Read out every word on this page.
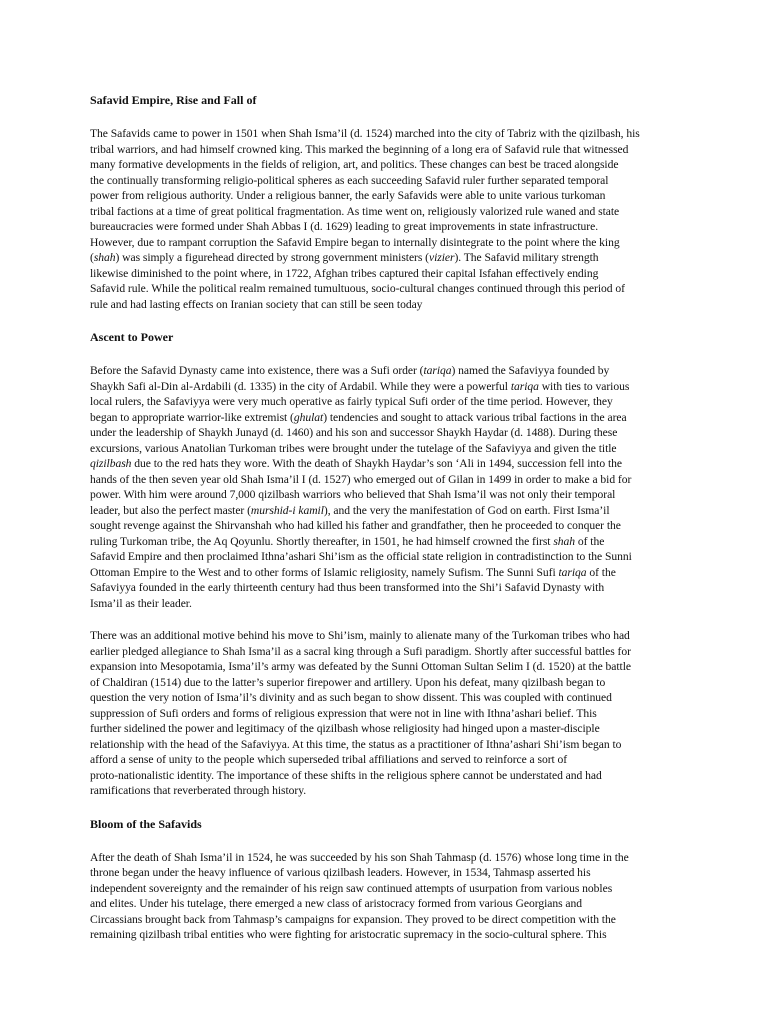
Safavid Empire, Rise and Fall of

The Safavids came to power in 1501 when Shah Isma’il (d. 1524) marched into the city of Tabriz with the qizilbash, his
tribal warriors, and had himself crowned king. This marked the beginning of a long era of Safavid rule that witnessed
many formative developments in the fields of religion, art, and politics. These changes can best be traced alongside
the continually transforming religio-political spheres as each succeeding Safavid ruler further separated temporal
power from religious authority. Under a religious banner, the early Safavids were able to unite various turkoman
tribal factions at a time of great political fragmentation. As time went on, religiously valorized rule waned and state
bureaucracies were formed under Shah Abbas I (d. 1629) leading to great improvements in state infrastructure.
However, due to rampant corruption the Safavid Empire began to internally disintegrate to the point where the king
(shah) was simply a figurehead directed by strong government ministers (vizier). The Safavid military strength
likewise diminished to the point where, in 1722, Afghan tribes captured their capital Isfahan effectively ending
Safavid rule. While the political realm remained tumultuous, socio-cultural changes continued through this period of
rule and had lasting effects on Iranian society that can still be seen today

Ascent to Power

Before the Safavid Dynasty came into existence, there was a Sufi order (tariqa) named the Safaviyya founded by
Shaykh Safi al-Din al-Ardabili (d. 1335) in the city of Ardabil. While they were a powerful tariqa with ties to various
local rulers, the Safaviyya were very much operative as fairly typical Sufi order of the time period. However, they
began to appropriate warrior-like extremist (ghulat) tendencies and sought to attack various tribal factions in the area
under the leadership of Shaykh Junayd (d. 1460) and his son and successor Shaykh Haydar (d. 1488). During these
excursions, various Anatolian Turkoman tribes were brought under the tutelage of the Safaviyya and given the title
qizilbash due to the red hats they wore. With the death of Shaykh Haydar’s son ‘Ali in 1494, succession fell into the
hands of the then seven year old Shah Isma’il I (d. 1527) who emerged out of Gilan in 1499 in order to make a bid for
power. With him were around 7,000 qizilbash warriors who believed that Shah Isma’il was not only their temporal
leader, but also the perfect master (murshid-i kamil), and the very the manifestation of God on earth. First Isma’il
sought revenge against the Shirvanshah who had killed his father and grandfather, then he proceeded to conquer the
ruling Turkoman tribe, the Aq Qoyunlu. Shortly thereafter, in 1501, he had himself crowned the first shah of the
Safavid Empire and then proclaimed Ithna’ashari Shi’ism as the official state religion in contradistinction to the Sunni
Ottoman Empire to the West and to other forms of Islamic religiosity, namely Sufism. The Sunni Sufi tariqa of the
Safaviyya founded in the early thirteenth century had thus been transformed into the Shi’i Safavid Dynasty with
Isma’il as their leader.

There was an additional motive behind his move to Shi’ism, mainly to alienate many of the Turkoman tribes who had
earlier pledged allegiance to Shah Isma’il as a sacral king through a Sufi paradigm. Shortly after successful battles for
expansion into Mesopotamia, Isma’il’s army was defeated by the Sunni Ottoman Sultan Selim I (d. 1520) at the battle
of Chaldiran (1514) due to the latter’s superior firepower and artillery. Upon his defeat, many qizilbash began to
question the very notion of Isma’il’s divinity and as such began to show dissent. This was coupled with continued
suppression of Sufi orders and forms of religious expression that were not in line with Ithna’ashari belief. This
further sidelined the power and legitimacy of the qizilbash whose religiosity had hinged upon a master-disciple
relationship with the head of the Safaviyya. At this time, the status as a practitioner of Ithna’ashari Shi’ism began to
afford a sense of unity to the people which superseded tribal affiliations and served to reinforce a sort of
proto-nationalistic identity. The importance of these shifts in the religious sphere cannot be understated and had
ramifications that reverberated through history.

Bloom of the Safavids

After the death of Shah Isma’il in 1524, he was succeeded by his son Shah Tahmasp (d. 1576) whose long time in the
throne began under the heavy influence of various qizilbash leaders. However, in 1534, Tahmasp asserted his
independent sovereignty and the remainder of his reign saw continued attempts of usurpation from various nobles
and elites. Under his tutelage, there emerged a new class of aristocracy formed from various Georgians and
Circassians brought back from Tahmasp’s campaigns for expansion. They proved to be direct competition with the
remaining qizilbash tribal entities who were fighting for aristocratic supremacy in the socio-cultural sphere. This
